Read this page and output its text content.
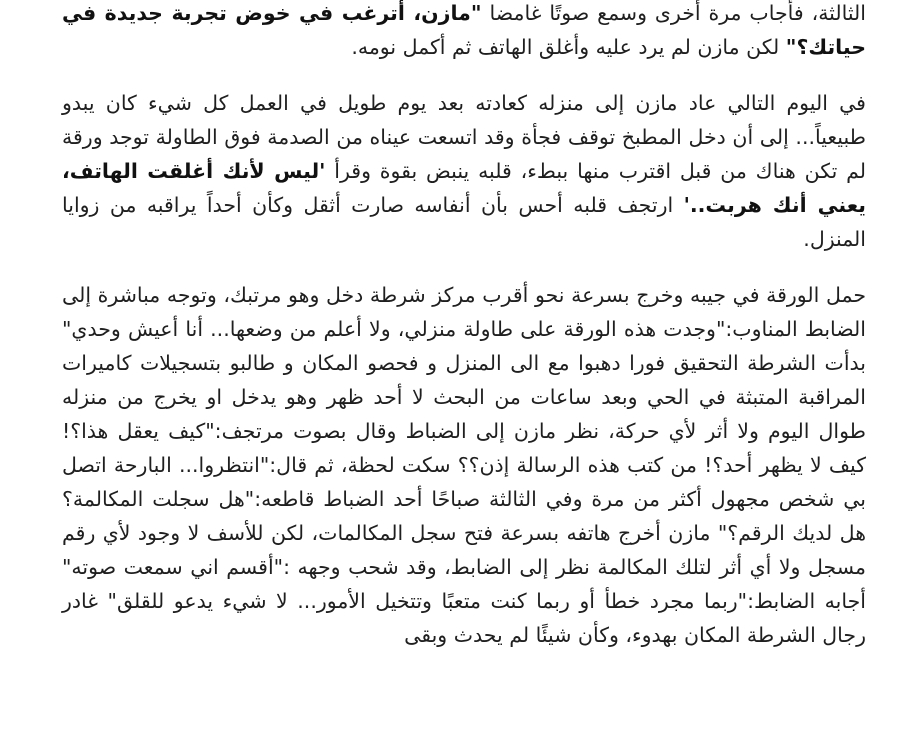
الثالثة، فأجاب مرة أخرى وسمع صوتًا غامضا "مازن، أترغب في خوض تجربة جديدة في حياتك؟" لكن مازن لم يرد عليه وأغلق الهاتف ثم أكمل نومه.

في اليوم التالي عاد مازن إلى منزله كعادته بعد يوم طويل في العمل كل شيء كان يبدو طبيعياً... إلى أن دخل المطبخ توقف فجأة وقد اتسعت عيناه من الصدمة فوق الطاولة توجد ورقة لم تكن هناك من قبل اقترب منها ببطء، قلبه ينبض بقوة وقرأ 'ليس لأنك أغلقت الهاتف، يعني أنك هربت..' ارتجف قلبه أحس بأن أنفاسه صارت أثقل وكأن أحداً يراقبه من زوايا المنزل.

حمل الورقة في جيبه وخرج بسرعة نحو أقرب مركز شرطة دخل وهو مرتبك، وتوجه مباشرة إلى الضابط المناوب:"وجدت هذه الورقة على طاولة منزلي، ولا أعلم من وضعها... أنا أعيش وحدي" بدأت الشرطة التحقيق فورا دهبوا مع الى المنزل و فحصو المكان و طالبو بتسجيلات كاميرات المراقبة المتبثة في الحي وبعد ساعات من البحث لا أحد ظهر وهو يدخل او يخرج من منزله طوال اليوم ولا أثر لأي حركة، نظر مازن إلى الضباط وقال بصوت مرتجف:"كيف يعقل هذا؟! كيف لا يظهر أحد؟! من كتب هذه الرسالة إذن؟؟ سكت لحظة، ثم قال:"انتظروا... البارحة اتصل بي شخص مجهول أكثر من مرة وفي الثالثة صباحًا أحد الضباط قاطعه:"هل سجلت المكالمة؟ هل لديك الرقم؟" مازن أخرج هاتفه بسرعة فتح سجل المكالمات، لكن للأسف لا وجود لأي رقم مسجل ولا أي أثر لتلك المكالمة نظر إلى الضابط، وقد شحب وجهه :"أقسم اني سمعت صوته" أجابه الضابط:"ربما مجرد خطأ أو ربما كنت متعبًا وتتخيل الأمور... لا شيء يدعو للقلق" غادر رجال الشرطة المكان بهدوء، وكأن شيئًا لم يحدث وبقى
